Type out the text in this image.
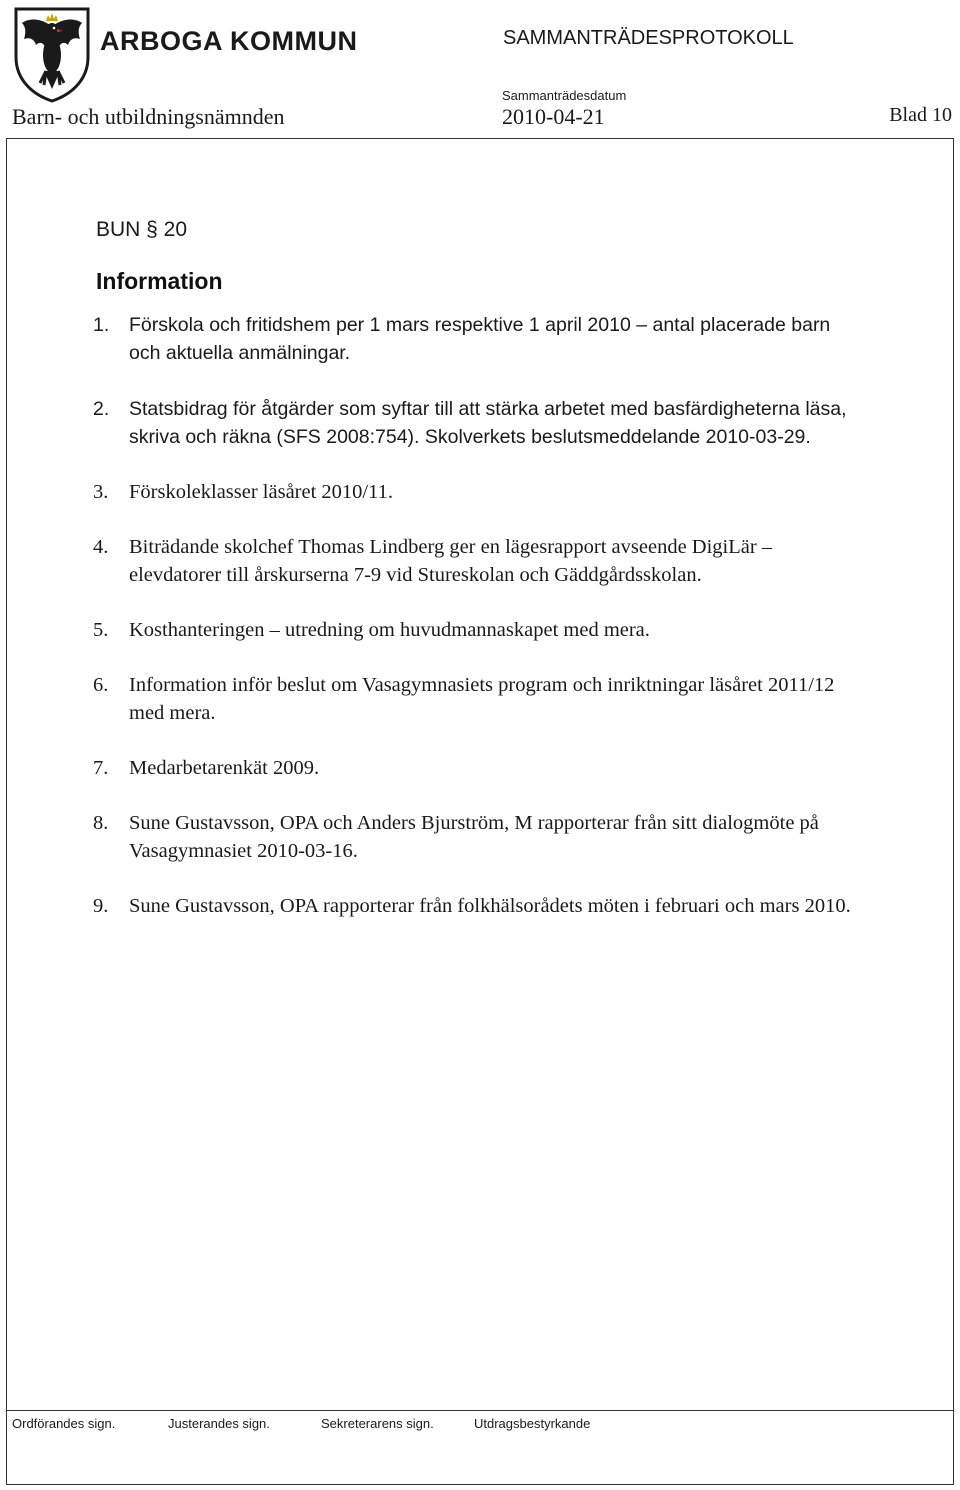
ARBOGA KOMMUN	SAMMANTRÄDESPROTOKOLL
Sammanträdesdatum
Barn- och utbildningsnämnden	2010-04-21	Blad 10
BUN § 20
Information
1. Förskola och fritidshem per 1 mars respektive 1 april 2010 – antal placerade barn och aktuella anmälningar.
2. Statsbidrag för åtgärder som syftar till att stärka arbetet med basfärdigheterna läsa, skriva och räkna (SFS 2008:754). Skolverkets beslutsmeddelande 2010-03-29.
3. Förskoleklasser läsåret 2010/11.
4. Biträdande skolchef Thomas Lindberg ger en lägesrapport avseende DigiLär – elevdatorer till årskurserna 7-9 vid Stureskolan och Gäddgårdsskolan.
5. Kosthanteringen – utredning om huvudmannaskapet med mera.
6. Information inför beslut om Vasagymnasiets program och inriktningar läsåret 2011/12 med mera.
7. Medarbetarenkät 2009.
8. Sune Gustavsson, OPA och Anders Bjurström, M rapporterar från sitt dialogmöte på Vasagymnasiet 2010-03-16.
9. Sune Gustavsson, OPA rapporterar från folkhälsorådets möten i februari och mars 2010.
Ordförandes sign.	Justerandes sign.	Sekreterarens sign.	Utdragsbestyrkande
